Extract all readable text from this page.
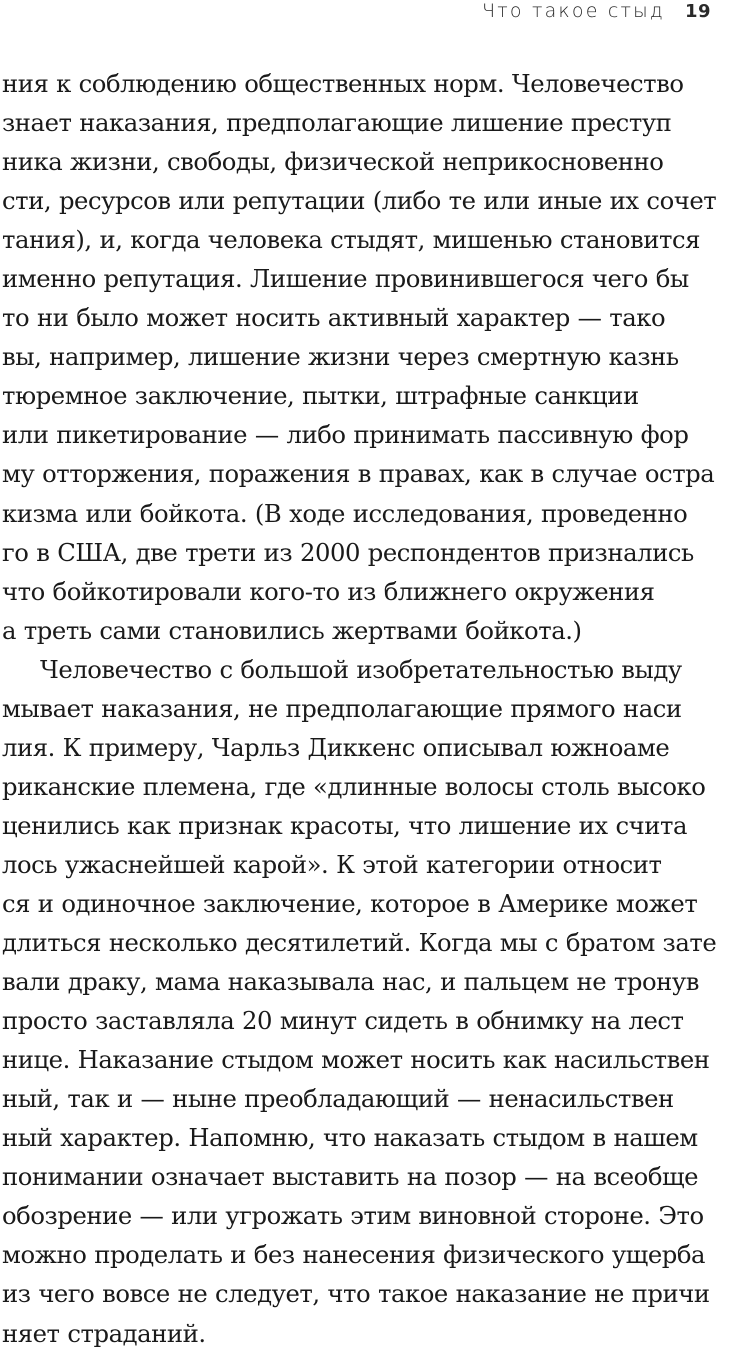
Что такое стыд 19
ния к соблюдению общественных норм. Человечество
знает наказания, предполагающие лишение преступ
ника жизни, свободы, физической неприкосновенно
сти, ресурсов или репутации (либо те или иные их сочет
тания), и, когда человека стыдят, мишенью становится
именно репутация. Лишение провинившегося чего бы
то ни было может носить активный характер — тако
вы, например, лишение жизни через смертную казнь
тюремное заключение, пытки, штрафные санкции
или пикетирование — либо принимать пассивную фор
му отторжения, поражения в правах, как в случае остра
кизма или бойкота. (В ходе исследования, проведенно
го в США, две трети из 2000 респондентов признались
что бойкотировали кого-то из ближнего окружения
а треть сами становились жертвами бойкота.)
Человечество с большой изобретательностью выду
мывает наказания, не предполагающие прямого наси
лия. К примеру, Чарльз Диккенс описывал южноаме
риканские племена, где «длинные волосы столь высоко
ценились как признак красоты, что лишение их счита
лось ужаснейшей карой». К этой категории относит
ся и одиночное заключение, которое в Америке может
длиться несколько десятилетий. Когда мы с братом зате
вали драку, мама наказывала нас, и пальцем не тронув
просто заставляла 20 минут сидеть в обнимку на лест
нице. Наказание стыдом может носить как насильствен
ный, так и — ныне преобладающий — ненасильствен
ный характер. Напомню, что наказать стыдом в нашем
понимании означает выставить на позор — на всеобще
обозрение — или угрожать этим виновной стороне. Это
можно проделать и без нанесения физического ущерба
из чего вовсе не следует, что такое наказание не причи
няет страданий.
